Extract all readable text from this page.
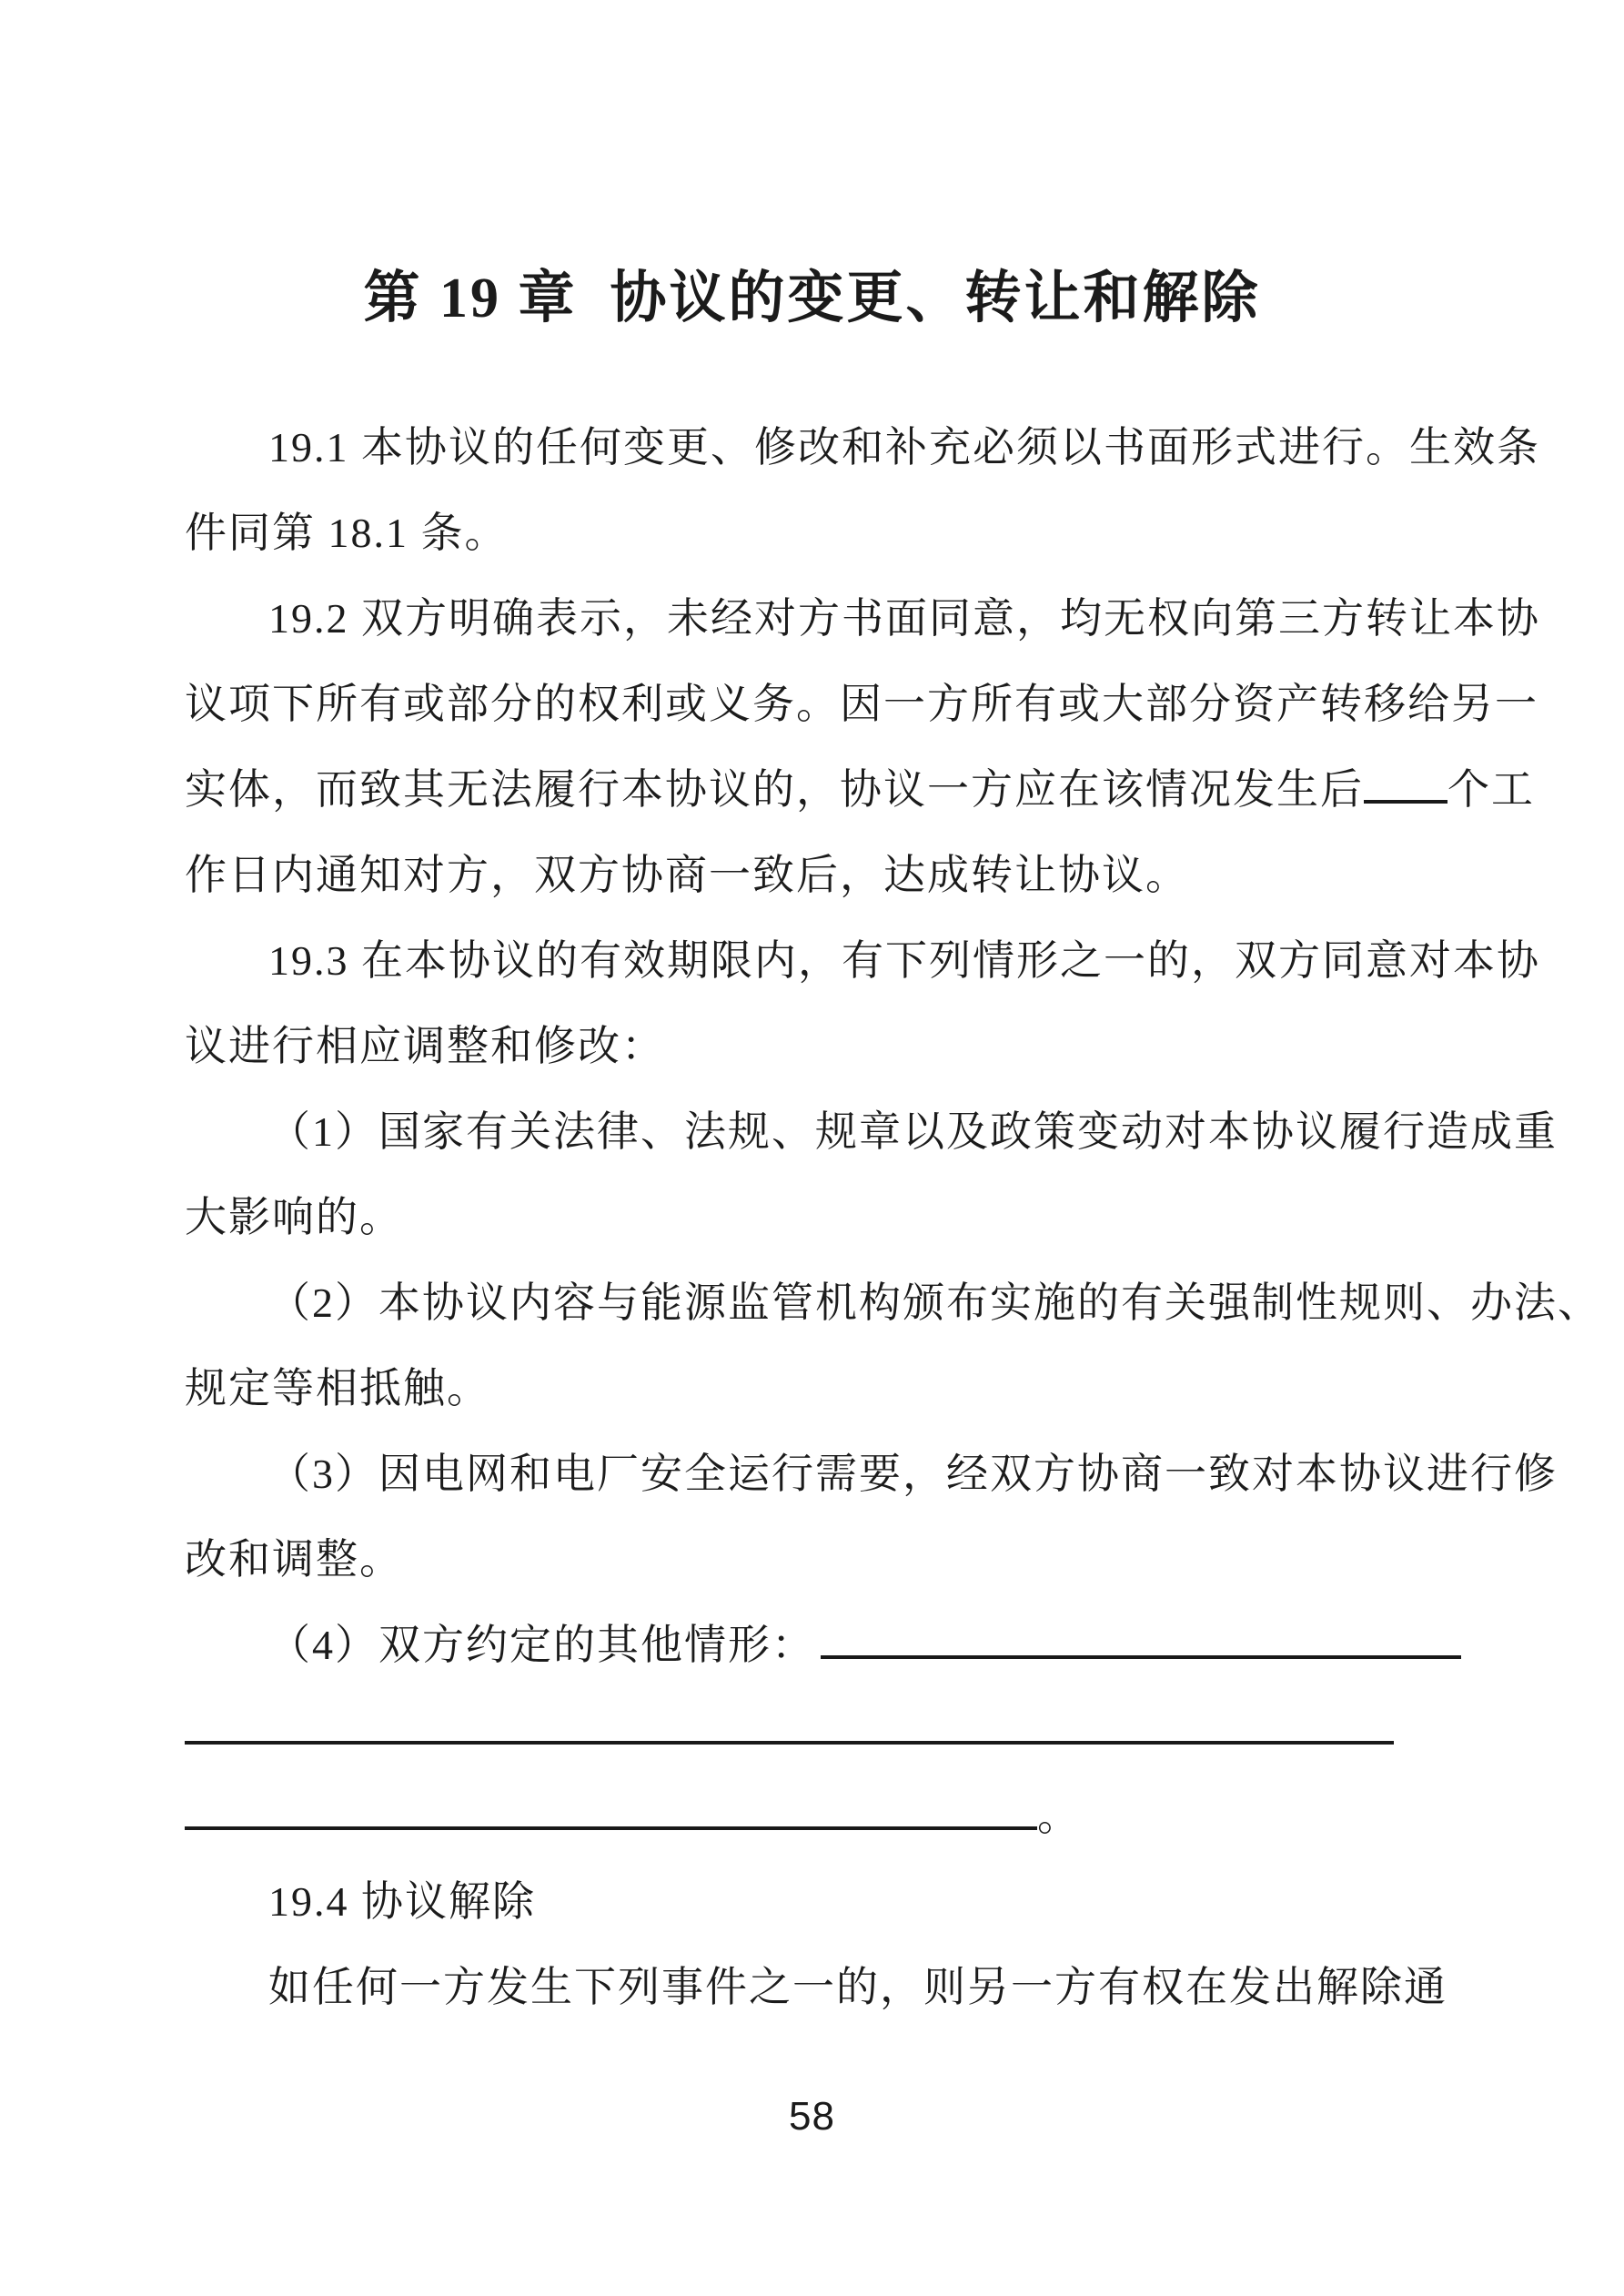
第 19 章 协议的变更、转让和解除
19.1 本协议的任何变更、修改和补充必须以书面形式进行。生效条
件同第 18.1 条。
19.2 双方明确表示，未经对方书面同意，均无权向第三方转让本协
议项下所有或部分的权利或义务。因一方所有或大部分资产转移给另一
实体，而致其无法履行本协议的，协议一方应在该情况发生后 个工
作日内通知对方，双方协商一致后，达成转让协议。
19.3 在本协议的有效期限内，有下列情形之一的，双方同意对本协
议进行相应调整和修改：
（1）国家有关法律、法规、规章以及政策变动对本协议履行造成重
大影响的。
（2）本协议内容与能源监管机构颁布实施的有关强制性规则、办法、
规定等相抵触。
（3）因电网和电厂安全运行需要，经双方协商一致对本协议进行修
改和调整。
（4）双方约定的其他情形：
。
19.4 协议解除
如任何一方发生下列事件之一的，则另一方有权在发出解除通
58
